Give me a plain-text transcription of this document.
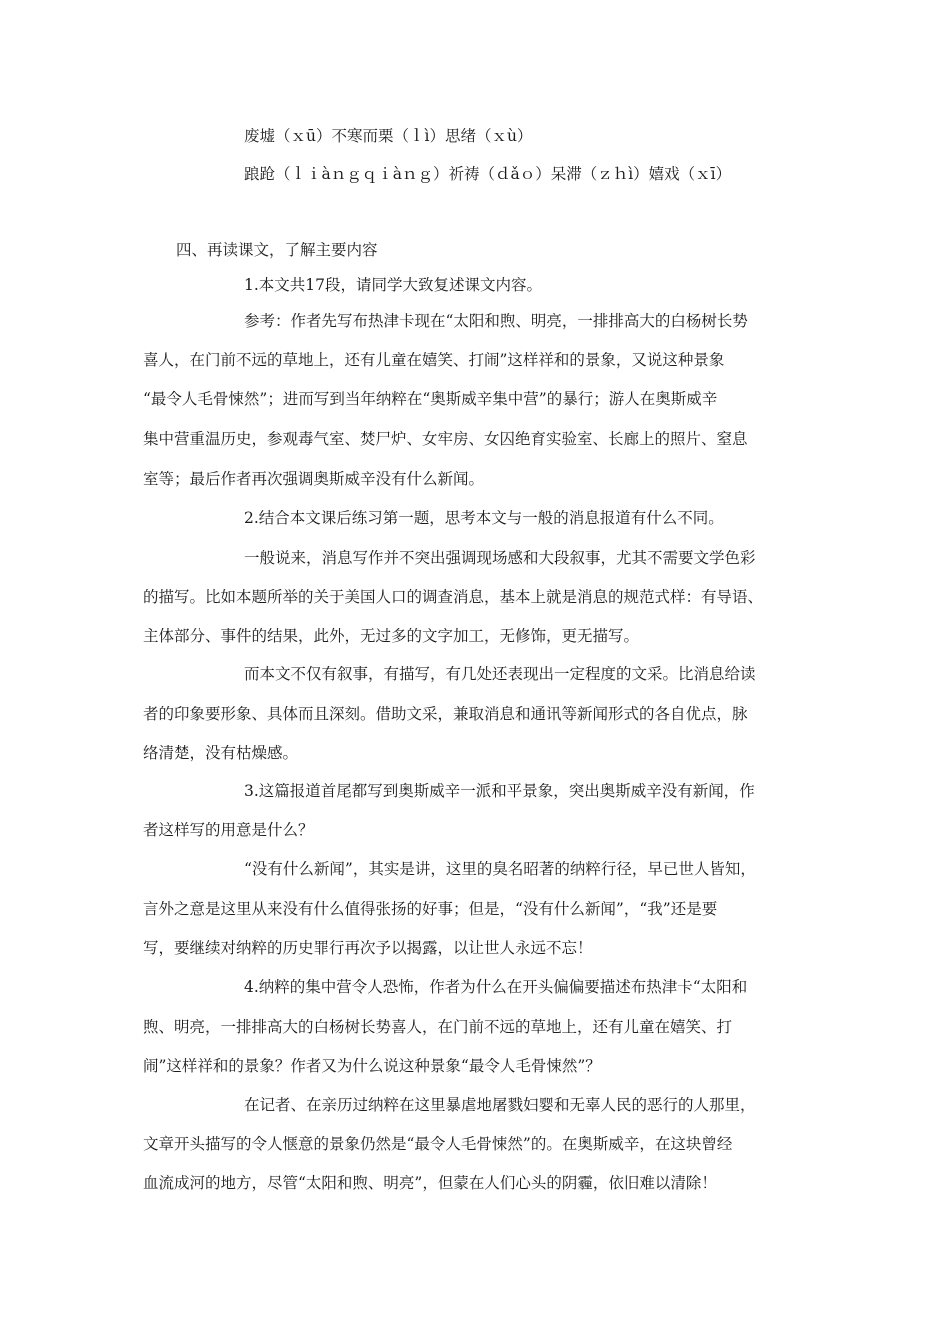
废墟（ｘū）不寒而栗（ｌì）思绪（ｘù）
踉跄（ｌｉàｎｇｑｉàｎｇ）祈祷（ｄǎｏ）呆滞（ｚｈì）嬉戏（ｘī）
四、再读课文，了解主要内容
1.本文共17段，请同学大致复述课文内容。
参考：作者先写布热津卡现在“太阳和煦、明亮，一排排高大的白杨树长势
喜人，在门前不远的草地上，还有儿童在嬉笑、打闹”这样祥和的景象，又说这种景象
“最令人毛骨悚然”；进而写到当年纳粹在“奥斯威辛集中营”的暴行；游人在奥斯威辛
集中营重温历史，参观毒气室、焚尸炉、女牢房、女囚绝育实验室、长廊上的照片、窒息
室等；最后作者再次强调奥斯威辛没有什么新闻。
2.结合本文课后练习第一题，思考本文与一般的消息报道有什么不同。
一般说来，消息写作并不突出强调现场感和大段叙事，尤其不需要文学色彩
的描写。比如本题所举的关于美国人口的调查消息，基本上就是消息的规范式样：有导语、
主体部分、事件的结果，此外，无过多的文字加工，无修饰，更无描写。
而本文不仅有叙事，有描写，有几处还表现出一定程度的文采。比消息给读
者的印象要形象、具体而且深刻。借助文采，兼取消息和通讯等新闻形式的各自优点，脉
络清楚，没有枯燥感。
3.这篇报道首尾都写到奥斯威辛一派和平景象，突出奥斯威辛没有新闻，作
者这样写的用意是什么？
“没有什么新闻”，其实是讲，这里的臭名昭著的纳粹行径，早已世人皆知，
言外之意是这里从来没有什么值得张扬的好事；但是，“没有什么新闻”，“我”还是要
写，要继续对纳粹的历史罪行再次予以揭露，以让世人永远不忘！
4.纳粹的集中营令人恐怖，作者为什么在开头偏偏要描述布热津卡“太阳和
煦、明亮，一排排高大的白杨树长势喜人，在门前不远的草地上，还有儿童在嬉笑、打
闹”这样祥和的景象？作者又为什么说这种景象“最令人毛骨悚然”？
在记者、在亲历过纳粹在这里暴虐地屠戮妇婴和无辜人民的恶行的人那里，
文章开头描写的令人惬意的景象仍然是“最令人毛骨悚然”的。在奥斯威辛，在这块曾经
血流成河的地方，尽管“太阳和煦、明亮”，但蒙在人们心头的阴霾，依旧难以清除！
